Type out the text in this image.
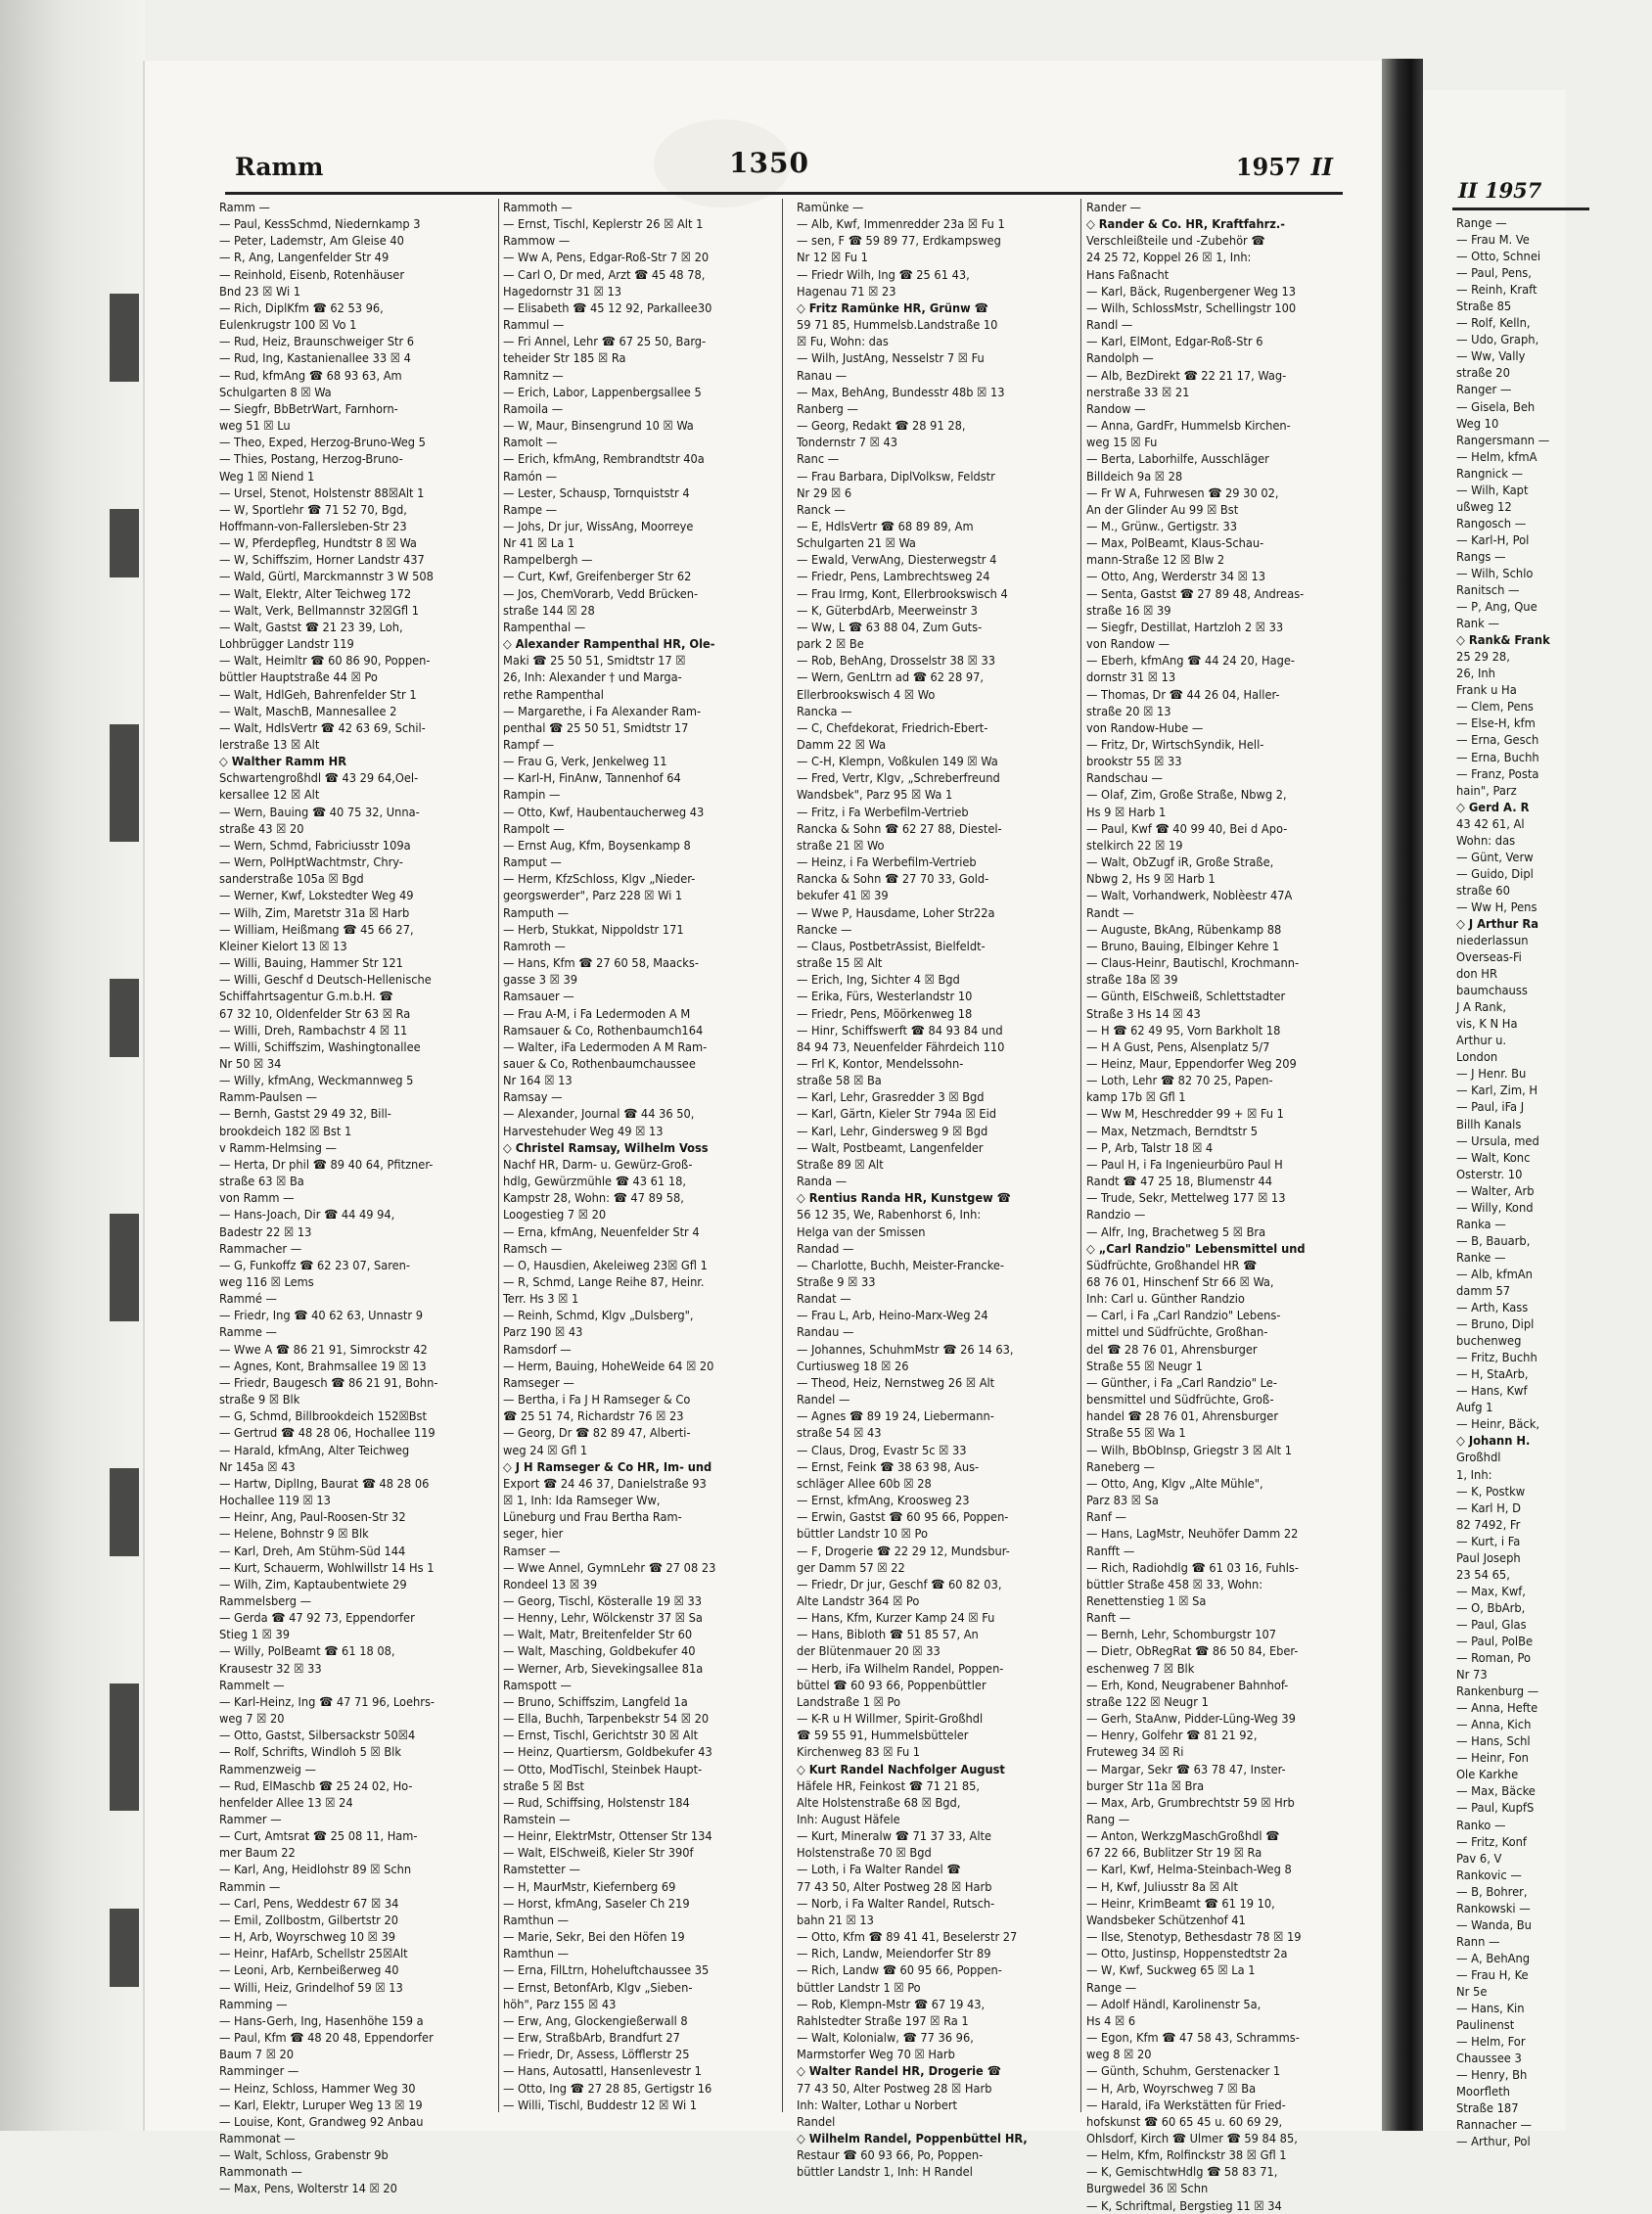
Ramm	1350	1957 II
Ramm —
— Paul, KessSchmd, Niedernkamp 3
— Peter, Lademstr, Am Gleise 40
— R, Ang, Langenfelder Str 49
— Reinhold, Eisenb, Rotenhäuser
Bnd 23 ☒ Wi 1
— Rich, DiplKfm ☎ 62 53 96,
Eulenkrugstr 100 ☒ Vo 1
— Rud, Heiz, Braunschweiger Str 6
— Rud, Ing, Kastanienallee 33 ☒ 4
— Rud, kfmAng ☎ 68 93 63, Am
Schulgarten 8 ☒ Wa
— Siegfr, BbBetrWart, Farnhorn-
weg 51 ☒ Lu
— Theo, Exped, Herzog-Bruno-Weg 5
— Thies, Postang, Herzog-Bruno-
Weg 1 ☒ Niend 1
— Ursel, Stenot, Holstenstr 88☒Alt 1
— W, Sportlehr ☎ 71 52 70, Bgd,
Hoffmann-von-Fallersleben-Str 23
— W, Pferdepfleg, Hundtstr 8 ☒ Wa
— W, Schiffszim, Horner Landstr 437
— Wald, Gürtl, Marckmannstr 3 W 508
— Walt, Elektr, Alter Teichweg 172
— Walt, Verk, Bellmannstr 32☒Gfl 1
— Walt, Gastst ☎ 21 23 39, Loh,
Lohbrügger Landstr 119
— Walt, Heimltr ☎ 60 86 90, Poppen-
büttler Hauptstraße 44 ☒ Po
— Walt, HdlGeh, Bahrenfelder Str 1
— Walt, MaschB, Mannesallee 2
— Walt, HdlsVertr ☎ 42 63 69, Schil-
lerstraße 13 ☒ Alt
◇ Walther Ramm HR
Schwartengroßhdl ☎ 43 29 64,Oel-
kersallee 12 ☒ Alt
— Wern, Bauing ☎ 40 75 32, Unna-
straße 43 ☒ 20
— Wern, Schmd, Fabriciusstr 109a
— Wern, PolHptWachtmstr, Chry-
sanderstraße 105a ☒ Bgd
— Werner, Kwf, Lokstedter Weg 49
— Wilh, Zim, Maretstr 31a ☒ Harb
— William, Heißmang ☎ 45 66 27,
Kleiner Kielort 13 ☒ 13
— Willi, Bauing, Hammer Str 121
— Willi, Geschf d Deutsch-Hellenische
Schiffahrtsagentur G.m.b.H. ☎
67 32 10, Oldenfelder Str 63 ☒ Ra
— Willi, Dreh, Rambachstr 4 ☒ 11
— Willi, Schiffszim, Washingtonallee
Nr 50 ☒ 34
— Willy, kfmAng, Weckmannweg 5
Ramm-Paulsen —
— Bernh, Gastst 29 49 32, Bill-
brookdeich 182 ☒ Bst 1
v Ramm-Helmsing —
— Herta, Dr phil ☎ 89 40 64, Pfitzner-
straße 63 ☒ Ba
von Ramm —
— Hans-Joach, Dir ☎ 44 49 94,
Badestr 22 ☒ 13
Rammacher —
— G, Funkoffz ☎ 62 23 07, Saren-
weg 116 ☒ Lems
Rammé —
— Friedr, Ing ☎ 40 62 63, Unnastr 9
Ramme —
— Wwe A ☎ 86 21 91, Simrockstr 42
— Agnes, Kont, Brahmsallee 19 ☒ 13
— Friedr, Baugesch ☎ 86 21 91, Bohn-
straße 9 ☒ Blk
— G, Schmd, Billbrookdeich 152☒Bst
— Gertrud ☎ 48 28 06, Hochallee 119
— Harald, kfmAng, Alter Teichweg
Nr 145a ☒ 43
— Hartw, DiplIng, Baurat ☎ 48 28 06
Hochallee 119 ☒ 13
— Heinr, Ang, Paul-Roosen-Str 32
— Helene, Bohnstr 9 ☒ Blk
— Karl, Dreh, Am Stühm-Süd 144
— Kurt, Schauerm, Wohlwillstr 14 Hs 1
— Wilh, Zim, Kaptaubentwiete 29
Rammelsberg —
— Gerda ☎ 47 92 73, Eppendorfer
Stieg 1 ☒ 39
— Willy, PolBeamt ☎ 61 18 08,
Krausestr 32 ☒ 33
Rammelt —
— Karl-Heinz, Ing ☎ 47 71 96, Loehrs-
weg 7 ☒ 20
— Otto, Gastst, Silbersackstr 50☒4
— Rolf, Schrifts, Windloh 5 ☒ Blk
Rammenzweig —
— Rud, ElMaschb ☎ 25 24 02, Ho-
henfelder Allee 13 ☒ 24
Rammer —
— Curt, Amtsrat ☎ 25 08 11, Ham-
mer Baum 22
— Karl, Ang, Heidlohstr 89 ☒ Schn
Rammin —
— Carl, Pens, Weddestr 67 ☒ 34
— Emil, Zollbostm, Gilbertstr 20
— H, Arb, Woyrschweg 10 ☒ 39
— Heinr, HafArb, Schellstr 25☒Alt
— Leoni, Arb, Kernbeißerweg 40
— Willi, Heiz, Grindelhof 59 ☒ 13
Ramming —
— Hans-Gerh, Ing, Hasenhöhe 159 a
— Paul, Kfm ☎ 48 20 48, Eppendorfer
Baum 7 ☒ 20
Ramminger —
— Heinz, Schloss, Hammer Weg 30
— Karl, Elektr, Luruper Weg 13 ☒ 19
— Louise, Kont, Grandweg 92 Anbau
Rammonat —
— Walt, Schloss, Grabenstr 9b
Rammonath —
— Max, Pens, Wolterstr 14 ☒ 20
Rammoth —
— Ernst, Tischl, Keplerstr 26 ☒ Alt 1
Rammow —
— Ww A, Pens, Edgar-Roß-Str 7 ☒ 20
— Carl O, Dr med, Arzt ☎ 45 48 78,
Hagedornstr 31 ☒ 13
— Elisabeth ☎ 45 12 92, Parkallee30
Rammul —
— Fri Annel, Lehr ☎ 67 25 50, Barg-
teheider Str 185 ☒ Ra
Ramnitz —
— Erich, Labor, Lappenbergsallee 5
Ramoila —
— W, Maur, Binsengrund 10 ☒ Wa
Ramolt —
— Erich, kfmAng, Rembrandtstr 40a
Ramón —
— Lester, Schausp, Tornquiststr 4
Rampe —
— Johs, Dr jur, WissAng, Moorreye
Nr 41 ☒ La 1
Rampelbergh —
— Curt, Kwf, Greifenberger Str 62
— Jos, ChemVorarb, Vedd Brücken-
straße 144 ☒ 28
Rampenthal —
◇ Alexander Rampenthal HR, Ole-
Maki ☎ 25 50 51, Smidtstr 17 ☒
26, Inh: Alexander † und Marga-
rethe Rampenthal
— Margarethe, i Fa Alexander Ram-
penthal ☎ 25 50 51, Smidtstr 17
Rampf —
— Frau G, Verk, Jenkelweg 11
— Karl-H, FinAnw, Tannenhof 64
Rampin —
— Otto, Kwf, Haubentaucherweg 43
Rampolt —
— Ernst Aug, Kfm, Boysenkamp 8
Ramput —
— Herm, KfzSchloss, Klgv „Nieder-
georgswerder", Parz 228 ☒ Wi 1
Ramputh —
— Herb, Stukkat, Nippoldstr 171
Ramroth —
— Hans, Kfm ☎ 27 60 58, Maacks-
gasse 3 ☒ 39
Ramsauer —
— Frau A-M, i Fa Ledermoden A M
Ramsauer & Co, Rothenbaumch164
— Walter, iFa Ledermoden A M Ram-
sauer & Co, Rothenbaumchaussee
Nr 164 ☒ 13
Ramsay —
— Alexander, Journal ☎ 44 36 50,
Harvestehuder Weg 49 ☒ 13
◇ Christel Ramsay, Wilhelm Voss
Nachf HR, Darm- u. Gewürz-Groß-
hdlg, Gewürzmühle ☎ 43 61 18,
Kampstr 28, Wohn: ☎ 47 89 58,
Loogestieg 7 ☒ 20
— Erna, kfmAng, Neuenfelder Str 4
Ramsch —
— O, Hausdien, Akeleiweg 23☒ Gfl 1
— R, Schmd, Lange Reihe 87, Heinr.
Terr. Hs 3 ☒ 1
— Reinh, Schmd, Klgv „Dulsberg",
Parz 190 ☒ 43
Ramsdorf —
— Herm, Bauing, HoheWeide 64 ☒ 20
Ramseger —
— Bertha, i Fa J H Ramseger & Co
☎ 25 51 74, Richardstr 76 ☒ 23
— Georg, Dr ☎ 82 89 47, Alberti-
weg 24 ☒ Gfl 1
◇ J H Ramseger & Co HR, Im- und
Export ☎ 24 46 37, Danielstraße 93
☒ 1, Inh: Ida Ramseger Ww,
Lüneburg und Frau Bertha Ram-
seger, hier
Ramser —
— Wwe Annel, GymnLehr ☎ 27 08 23
Rondeel 13 ☒ 39
— Georg, Tischl, Kösteralle 19 ☒ 33
— Henny, Lehr, Wölckenstr 37 ☒ Sa
— Walt, Matr, Breitenfelder Str 60
— Walt, Masching, Goldbekufer 40
— Werner, Arb, Sievekingsallee 81a
Ramspott —
— Bruno, Schiffszim, Langfeld 1a
— Ella, Buchh, Tarpenbekstr 54 ☒ 20
— Ernst, Tischl, Gerichtstr 30 ☒ Alt
— Heinz, Quartiersm, Goldbekufer 43
— Otto, ModTischl, Steinbek Haupt-
straße 5 ☒ Bst
— Rud, Schiffsing, Holstenstr 184
Ramstein —
— Heinr, ElektrMstr, Ottenser Str 134
— Walt, ElSchweiß, Kieler Str 390f
Ramstetter —
— H, MaurMstr, Kiefernberg 69
— Horst, kfmAng, Saseler Ch 219
Ramthun —
— Marie, Sekr, Bei den Höfen 19
Ramthun —
— Erna, FilLtrn, Hoheluftchaussee 35
— Ernst, BetonfArb, Klgv „Sieben-
höh", Parz 155 ☒ 43
— Erw, Ang, Glockengießerwall 8
— Erw, StraßbArb, Brandfurt 27
— Friedr, Dr, Assess, Löfflerstr 25
— Hans, Autosattl, Hansenlevestr 1
— Otto, Ing ☎ 27 28 85, Gertigstr 16
— Willi, Tischl, Buddestr 12 ☒ Wi 1
Ramünke —
— Alb, Kwf, Immenredder 23a ☒ Fu 1
— sen, F ☎ 59 89 77, Erdkampsweg
Nr 12 ☒ Fu 1
— Friedr Wilh, Ing ☎ 25 61 43,
Hagenau 71 ☒ 23
◇ Fritz Ramünke HR, Grünw ☎
59 71 85, Hummelsb.Landstraße 10
☒ Fu, Wohn: das
— Wilh, JustAng, Nesselstr 7 ☒ Fu
Ranau —
— Max, BehAng, Bundesstr 48b ☒ 13
Ranberg —
— Georg, Redakt ☎ 28 91 28,
Tondernstr 7 ☒ 43
Ranc —
— Frau Barbara, DiplVolksw, Feldstr
Nr 29 ☒ 6
Ranck —
— E, HdlsVertr ☎ 68 89 89, Am
Schulgarten 21 ☒ Wa
— Ewald, VerwAng, Diesterwegstr 4
— Friedr, Pens, Lambrechtsweg 24
— Frau Irmg, Kont, Ellerbrookswisch 4
— K, GüterbdArb, Meerweinstr 3
— Ww, L ☎ 63 88 04, Zum Guts-
park 2 ☒ Be
— Rob, BehAng, Drosselstr 38 ☒ 33
— Wern, GenLtrn ad ☎ 62 28 97,
Ellerbrookswisch 4 ☒ Wo
Rancka —
— C, Chefdekorat, Friedrich-Ebert-
Damm 22 ☒ Wa
— C-H, Klempn, Voßkulen 149 ☒ Wa
— Fred, Vertr, Klgv, „Schreberfreund
Wandsbek", Parz 95 ☒ Wa 1
— Fritz, i Fa Werbefilm-Vertrieb
Rancka & Sohn ☎ 62 27 88, Diestel-
straße 21 ☒ Wo
— Heinz, i Fa Werbefilm-Vertrieb
Rancka & Sohn ☎ 27 70 33, Gold-
bekufer 41 ☒ 39
— Wwe P, Hausdame, Loher Str22a
Rancke —
— Claus, PostbetrAssist, Bielfeldt-
straße 15 ☒ Alt
— Erich, Ing, Sichter 4 ☒ Bgd
— Erika, Fürs, Westerlandstr 10
— Friedr, Pens, Möörkenweg 18
— Hinr, Schiffswerft ☎ 84 93 84 und
84 94 73, Neuenfelder Fährdeich 110
— Frl K, Kontor, Mendelssohn-
straße 58 ☒ Ba
— Karl, Lehr, Grasredder 3 ☒ Bgd
— Karl, Gärtn, Kieler Str 794a ☒ Eid
— Karl, Lehr, Gindersweg 9 ☒ Bgd
— Walt, Postbeamt, Langenfelder
Straße 89 ☒ Alt
Randa —
◇ Rentius Randa HR, Kunstgew ☎
56 12 35, We, Rabenhorst 6, Inh:
Helga van der Smissen
Randad —
— Charlotte, Buchh, Meister-Francke-
Straße 9 ☒ 33
Randat —
— Frau L, Arb, Heino-Marx-Weg 24
Randau —
— Johannes, SchuhmMstr ☎ 26 14 63,
Curtiusweg 18 ☒ 26
— Theod, Heiz, Nernstweg 26 ☒ Alt
Randel —
— Agnes ☎ 89 19 24, Liebermann-
straße 54 ☒ 43
— Claus, Drog, Evastr 5c ☒ 33
— Ernst, Feink ☎ 38 63 98, Aus-
schläger Allee 60b ☒ 28
— Ernst, kfmAng, Kroosweg 23
— Erwin, Gastst ☎ 60 95 66, Poppen-
büttler Landstr 10 ☒ Po
— F, Drogerie ☎ 22 29 12, Mundsbur-
ger Damm 57 ☒ 22
— Friedr, Dr jur, Geschf ☎ 60 82 03,
Alte Landstr 364 ☒ Po
— Hans, Kfm, Kurzer Kamp 24 ☒ Fu
— Hans, Bibloth ☎ 51 85 57, An
der Blütenmauer 20 ☒ 33
— Herb, iFa Wilhelm Randel, Poppen-
büttel ☎ 60 93 66, Poppenbüttler
Landstraße 1 ☒ Po
— K-R u H Willmer, Spirit-Großhdl
☎ 59 55 91, Hummelsbütteler
Kirchenweg 83 ☒ Fu 1
◇ Kurt Randel Nachfolger August
Häfele HR, Feinkost ☎ 71 21 85,
Alte Holstenstraße 68 ☒ Bgd,
Inh: August Häfele
— Kurt, Mineralw ☎ 71 37 33, Alte
Holstenstraße 70 ☒ Bgd
— Loth, i Fa Walter Randel ☎
77 43 50, Alter Postweg 28 ☒ Harb
— Norb, i Fa Walter Randel, Rutsch-
bahn 21 ☒ 13
— Otto, Kfm ☎ 89 41 41, Beselerstr 27
— Rich, Landw, Meiendorfer Str 89
— Rich, Landw ☎ 60 95 66, Poppen-
büttler Landstr 1 ☒ Po
— Rob, Klempn-Mstr ☎ 67 19 43,
Rahlstedter Straße 197 ☒ Ra 1
— Walt, Kolonialw, ☎ 77 36 96,
Marmstorfer Weg 70 ☒ Harb
◇ Walter Randel HR, Drogerie ☎
77 43 50, Alter Postweg 28 ☒ Harb
Inh: Walter, Lothar u Norbert
Randel
◇ Wilhelm Randel, Poppenbüttel HR,
Restaur ☎ 60 93 66, Po, Poppen-
büttler Landstr 1, Inh: H Randel
Rander —
◇ Rander & Co. HR, Kraftfahrz.-
Verschleißteile und -Zubehör ☎
24 25 72, Koppel 26 ☒ 1, Inh:
Hans Faßnacht
— Karl, Bäck, Rugenbergener Weg 13
— Wilh, SchlossMstr, Schellingstr 100
Randl —
— Karl, ElMont, Edgar-Roß-Str 6
Randolph —
— Alb, BezDirekt ☎ 22 21 17, Wag-
nerstraße 33 ☒ 21
Randow —
— Anna, GardFr, Hummelsb Kirchen-
weg 15 ☒ Fu
— Berta, Laborhilfe, Ausschläger
Billdeich 9a ☒ 28
— Fr W A, Fuhrwesen ☎ 29 30 02,
An der Glinder Au 99 ☒ Bst
— M., Grünw., Gertigstr. 33
— Max, PolBeamt, Klaus-Schau-
mann-Straße 12 ☒ Blw 2
— Otto, Ang, Werderstr 34 ☒ 13
— Senta, Gastst ☎ 27 89 48, Andreas-
straße 16 ☒ 39
— Siegfr, Destillat, Hartzloh 2 ☒ 33
von Randow —
— Eberh, kfmAng ☎ 44 24 20, Hage-
dornstr 31 ☒ 13
— Thomas, Dr ☎ 44 26 04, Haller-
straße 20 ☒ 13
von Randow-Hube —
— Fritz, Dr, WirtschSyndik, Hell-
brookstr 55 ☒ 33
Randschau —
— Olaf, Zim, Große Straße, Nbwg 2,
Hs 9 ☒ Harb 1
— Paul, Kwf ☎ 40 99 40, Bei d Apo-
stelkirch 22 ☒ 19
— Walt, ObZugf iR, Große Straße,
Nbwg 2, Hs 9 ☒ Harb 1
— Walt, Vorhandwerk, Noblèestr 47A
Randt —
— Auguste, BkAng, Rübenkamp 88
— Bruno, Bauing, Elbinger Kehre 1
— Claus-Heinr, Bautischl, Krochmann-
straße 18a ☒ 39
— Günth, ElSchweiß, Schlettstadter
Straße 3 Hs 14 ☒ 43
— H ☎ 62 49 95, Vorn Barkholt 18
— H A Gust, Pens, Alsenplatz 5/7
— Heinz, Maur, Eppendorfer Weg 209
— Loth, Lehr ☎ 82 70 25, Papen-
kamp 17b ☒ Gfl 1
— Ww M, Heschredder 99 + ☒ Fu 1
— Max, Netzmach, Berndtstr 5
— P, Arb, Talstr 18 ☒ 4
— Paul H, i Fa Ingenieurbüro Paul H
Randt ☎ 47 25 18, Blumenstr 44
— Trude, Sekr, Mettelweg 177 ☒ 13
Randzio —
— Alfr, Ing, Brachetweg 5 ☒ Bra
◇ „Carl Randzio" Lebensmittel und
Südfrüchte, Großhandel HR ☎
68 76 01, Hinschenf Str 66 ☒ Wa,
Inh: Carl u. Günther Randzio
— Carl, i Fa „Carl Randzio" Lebens-
mittel und Südfrüchte, Großhan-
del ☎ 28 76 01, Ahrensburger
Straße 55 ☒ Neugr 1
— Günther, i Fa „Carl Randzio" Le-
bensmittel und Südfrüchte, Groß-
handel ☎ 28 76 01, Ahrensburger
Straße 55 ☒ Wa 1
— Wilh, BbObInsp, Griegstr 3 ☒ Alt 1
Raneberg —
— Otto, Ang, Klgv „Alte Mühle",
Parz 83 ☒ Sa
Ranf —
— Hans, LagMstr, Neuhöfer Damm 22
Ranfft —
— Rich, Radiohdlg ☎ 61 03 16, Fuhls-
büttler Straße 458 ☒ 33, Wohn:
Renettenstieg 1 ☒ Sa
Ranft —
— Bernh, Lehr, Schomburgstr 107
— Dietr, ObRegRat ☎ 86 50 84, Eber-
eschenweg 7 ☒ Blk
— Erh, Kond, Neugrabener Bahnhof-
straße 122 ☒ Neugr 1
— Gerh, StaAnw, Pidder-Lüng-Weg 39
— Henry, Golfehr ☎ 81 21 92,
Fruteweg 34 ☒ Ri
— Margar, Sekr ☎ 63 78 47, Inster-
burger Str 11a ☒ Bra
— Max, Arb, Grumbrechtstr 59 ☒ Hrb
Rang —
— Anton, WerkzgMaschGroßhdl ☎
67 22 66, Bublitzer Str 19 ☒ Ra
— Karl, Kwf, Helma-Steinbach-Weg 8
— H, Kwf, Juliusstr 8a ☒ Alt
— Heinr, KrimBeamt ☎ 61 19 10,
Wandsbeker Schützenhof 41
— Ilse, Stenotyp, Bethesdastr 78 ☒ 19
— Otto, Justinsp, Hoppenstedtstr 2a
— W, Kwf, Suckweg 65 ☒ La 1
Range —
— Adolf Händl, Karolinenstr 5a,
Hs 4 ☒ 6
— Egon, Kfm ☎ 47 58 43, Schramms-
weg 8 ☒ 20
— Günth, Schuhm, Gerstenacker 1
— H, Arb, Woyrschweg 7 ☒ Ba
— Harald, iFa Werkstätten für Fried-
hofskunst ☎ 60 65 45 u. 60 69 29,
Ohlsdorf, Kirch ☎ Ulmer ☎ 59 84 85,
— Helm, Kfm, Rolfinckstr 38 ☒ Gfl 1
— K, GemischtwHdlg ☎ 58 83 71,
Burgwedel 36 ☒ Schn
— K, Schriftmal, Bergstieg 11 ☒ 34
II 1957
Range —
— Frau M. Ve
— Otto, Schnei
— Paul, Pens,
— Reinh, Kraft
Straße 85
— Rolf, Kelln,
— Udo, Graph,
— Ww, Vally
straße 20
Ranger —
— Gisela, Beh
Weg 10
Rangersmann —
— Helm, kfmA
Rangnick —
— Wilh, Kapt
ußweg 12
Rangosch —
— Karl-H, Pol
Rangs —
— Wilh, Schlo
Ranitsch —
— P, Ang, Que
Rank —
◇ Rank& Frank
25 29 28,
26, Inh
Frank u Ha
— Clem, Pens
— Else-H, kfm
— Erna, Gesch
— Erna, Buchh
— Franz, Posta
hain", Parz
◇ Gerd A. R
43 42 61, Al
Wohn: das
— Günt, Verw
— Guido, Dipl
straße 60
— Ww H, Pens
◇ J Arthur Ra
niederlassun
Overseas-Fi
don HR
baumchauss
J A Rank,
vis, K N Ha
Arthur u.
London
— J Henr. Bu
— Karl, Zim, H
— Paul, iFa J
Billh Kanals
— Ursula, med
— Walt, Konc
Osterstr. 10
— Walter, Arb
— Willy, Kond
Ranka —
— B, Bauarb,
Ranke —
— Alb, kfmAn
damm 57
— Arth, Kass
— Bruno, Dipl
buchenweg
— Fritz, Buchh
— H, StaArb,
— Hans, Kwf
Aufg 1
— Heinr, Bäck,
◇ Johann H.
Großhdl
1, Inh:
— K, Postkw
— Karl H, D
82 7492, Fr
— Kurt, i Fa
Paul Joseph
23 54 65,
— Max, Kwf,
— O, BbArb,
— Paul, Glas
— Paul, PolBe
— Roman, Po
Nr 73
Rankenburg —
— Anna, Hefte
— Anna, Kich
— Hans, Schl
— Heinr, Fon
Ole Karkhe
— Max, Bäcke
— Paul, KupfS
Ranko —
— Fritz, Konf
Pav 6, V
Rankovic —
— B, Bohrer,
Rankowski —
— Wanda, Bu
Rann —
— A, BehAng
— Frau H, Ke
Nr 5e
— Hans, Kin
Paulinenst
— Helm, For
Chaussee 3
— Henry, Bh
Moorfleth
Straße 187
Rannacher —
— Arthur, Pol
